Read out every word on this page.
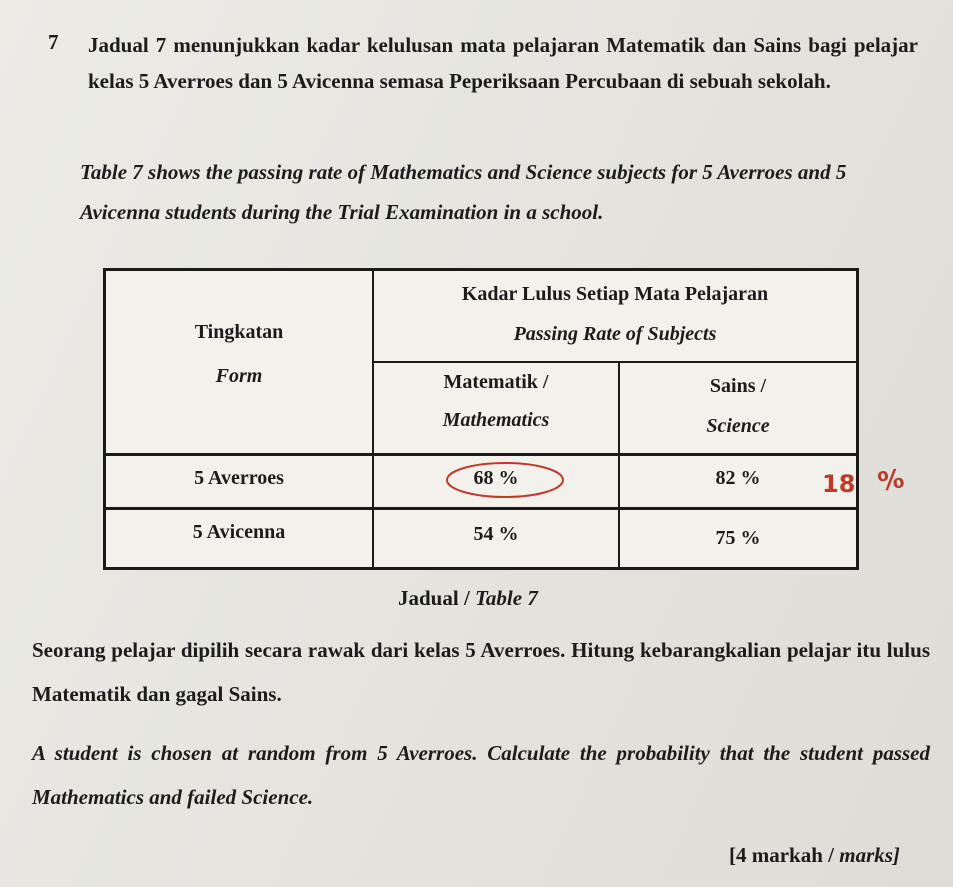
7 Jadual 7 menunjukkan kadar kelulusan mata pelajaran Matematik dan Sains bagi pelajar kelas 5 Averroes dan 5 Avicenna semasa Peperiksaan Percubaan di sebuah sekolah.

Table 7 shows the passing rate of Mathematics and Science subjects for 5 Averroes and 5 Avicenna students during the Trial Examination in a school.

Tingkatan
Form
Kadar Lulus Setiap Mata Pelajaran
Passing Rate of Subjects
Matematik /
Mathematics
Sains /
Science
5 Averroes	68 %	82 %
5 Avicenna	54 %	75 %
18 %
Jadual / Table 7

Seorang pelajar dipilih secara rawak dari kelas 5 Averroes. Hitung kebarangkalian pelajar itu lulus Matematik dan gagal Sains.

A student is chosen at random from 5 Averroes. Calculate the probability that the student passed Mathematics and failed Science.

[4 markah / marks]
